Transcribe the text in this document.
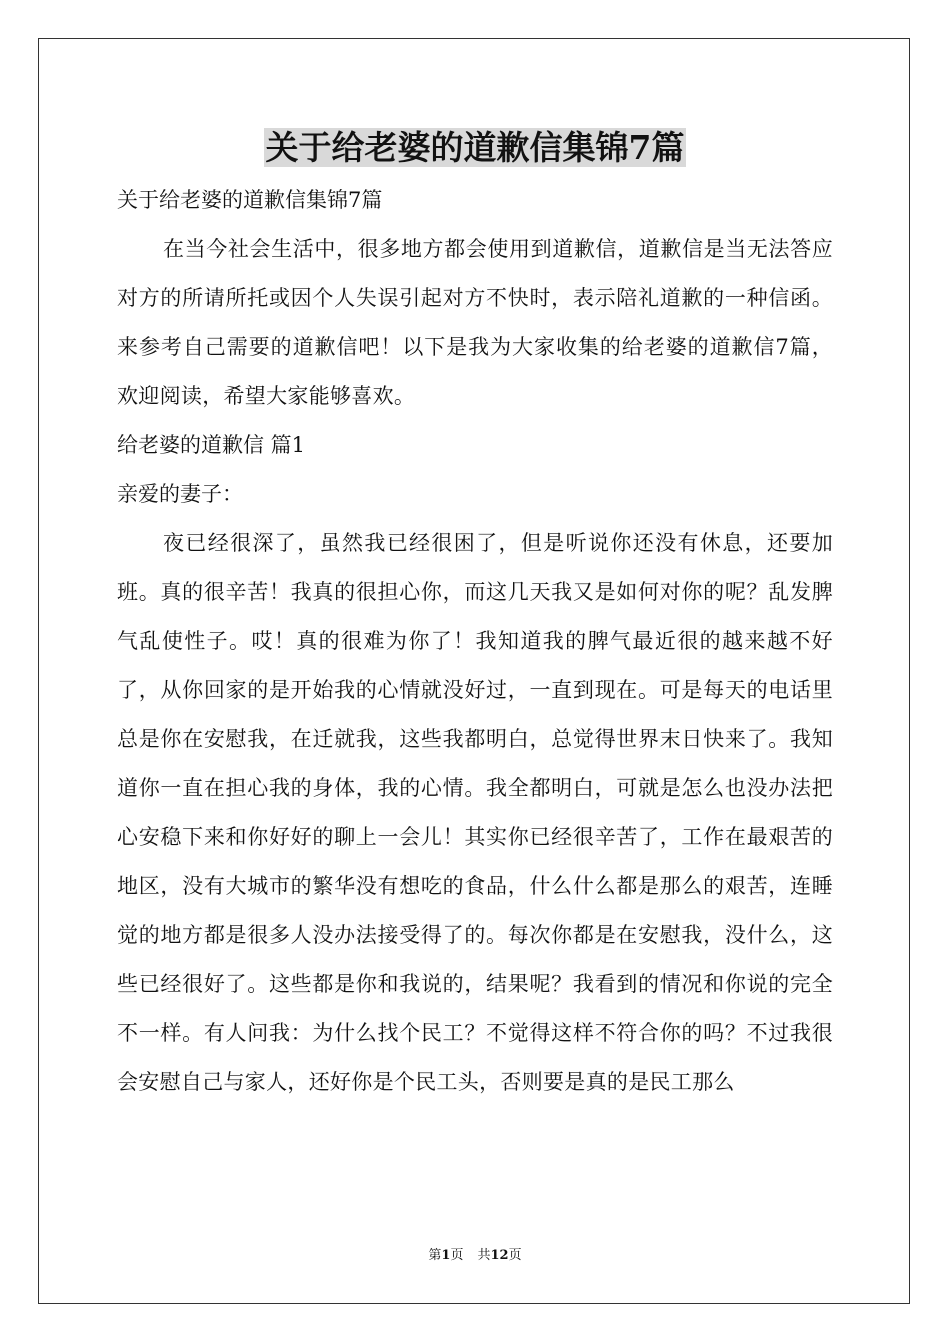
关于给老婆的道歉信集锦7篇

关于给老婆的道歉信集锦7篇

在当今社会生活中，很多地方都会使用到道歉信，道歉信是当无法答应对方的所请所托或因个人失误引起对方不快时，表示陪礼道歉的一种信函。来参考自己需要的道歉信吧！以下是我为大家收集的给老婆的道歉信7篇，欢迎阅读，希望大家能够喜欢。

给老婆的道歉信 篇1

亲爱的妻子：

夜已经很深了，虽然我已经很困了，但是听说你还没有休息，还要加班。真的很辛苦！我真的很担心你，而这几天我又是如何对你的呢？乱发脾气乱使性子。哎！真的很难为你了！我知道我的脾气最近很的越来越不好了，从你回家的是开始我的心情就没好过，一直到现在。可是每天的电话里总是你在安慰我，在迁就我，这些我都明白，总觉得世界末日快来了。我知道你一直在担心我的身体，我的心情。我全都明白，可就是怎么也没办法把心安稳下来和你好好的聊上一会儿！其实你已经很辛苦了，工作在最艰苦的地区，没有大城市的繁华没有想吃的食品，什么什么都是那么的艰苦，连睡觉的地方都是很多人没办法接受得了的。每次你都是在安慰我，没什么，这些已经很好了。这些都是你和我说的，结果呢？我看到的情况和你说的完全不一样。有人问我：为什么找个民工？不觉得这样不符合你的吗？不过我很会安慰自己与家人，还好你是个民工头，否则要是真的是民工那么

第1页 共12页
